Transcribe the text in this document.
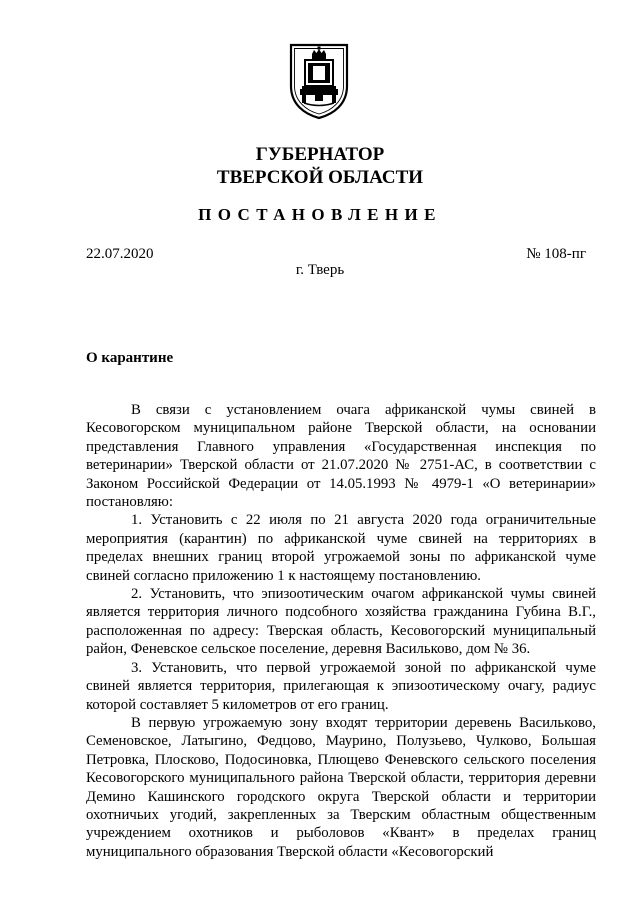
ГУБЕРНАТОР
ТВЕРСКОЙ ОБЛАСТИ
ПОСТАНОВЛЕНИЕ
22.07.2020	№ 108-пг
г. Тверь
О карантине

В связи с установлением очага африканской чумы свиней в Кесовогорском муниципальном районе Тверской области, на основании представления Главного управления «Государственная инспекция по ветеринарии» Тверской области от 21.07.2020 № 2751-АС, в соответствии с Законом Российской Федерации от 14.05.1993 № 4979-1 «О ветеринарии» постановляю:

1. Установить с 22 июля по 21 августа 2020 года ограничительные мероприятия (карантин) по африканской чуме свиней на территориях в пределах внешних границ второй угрожаемой зоны по африканской чуме свиней согласно приложению 1 к настоящему постановлению.

2. Установить, что эпизоотическим очагом африканской чумы свиней является территория личного подсобного хозяйства гражданина Губина В.Г., расположенная по адресу: Тверская область, Кесовогорский муниципальный район, Феневское сельское поселение, деревня Васильково, дом № 36.

3. Установить, что первой угрожаемой зоной по африканской чуме свиней является территория, прилегающая к эпизоотическому очагу, радиус которой составляет 5 километров от его границ.

В первую угрожаемую зону входят территории деревень Васильково, Семеновское, Латыгино, Федцово, Маурино, Полузьево, Чулково, Большая Петровка, Плосково, Подосиновка, Плющево Феневского сельского поселения Кесовогорского муниципального района Тверской области, территория деревни Демино Кашинского городского округа Тверской области и территории охотничьих угодий, закрепленных за Тверским областным общественным учреждением охотников и рыболовов «Квант» в пределах границ муниципального образования Тверской области «Кесовогорский
